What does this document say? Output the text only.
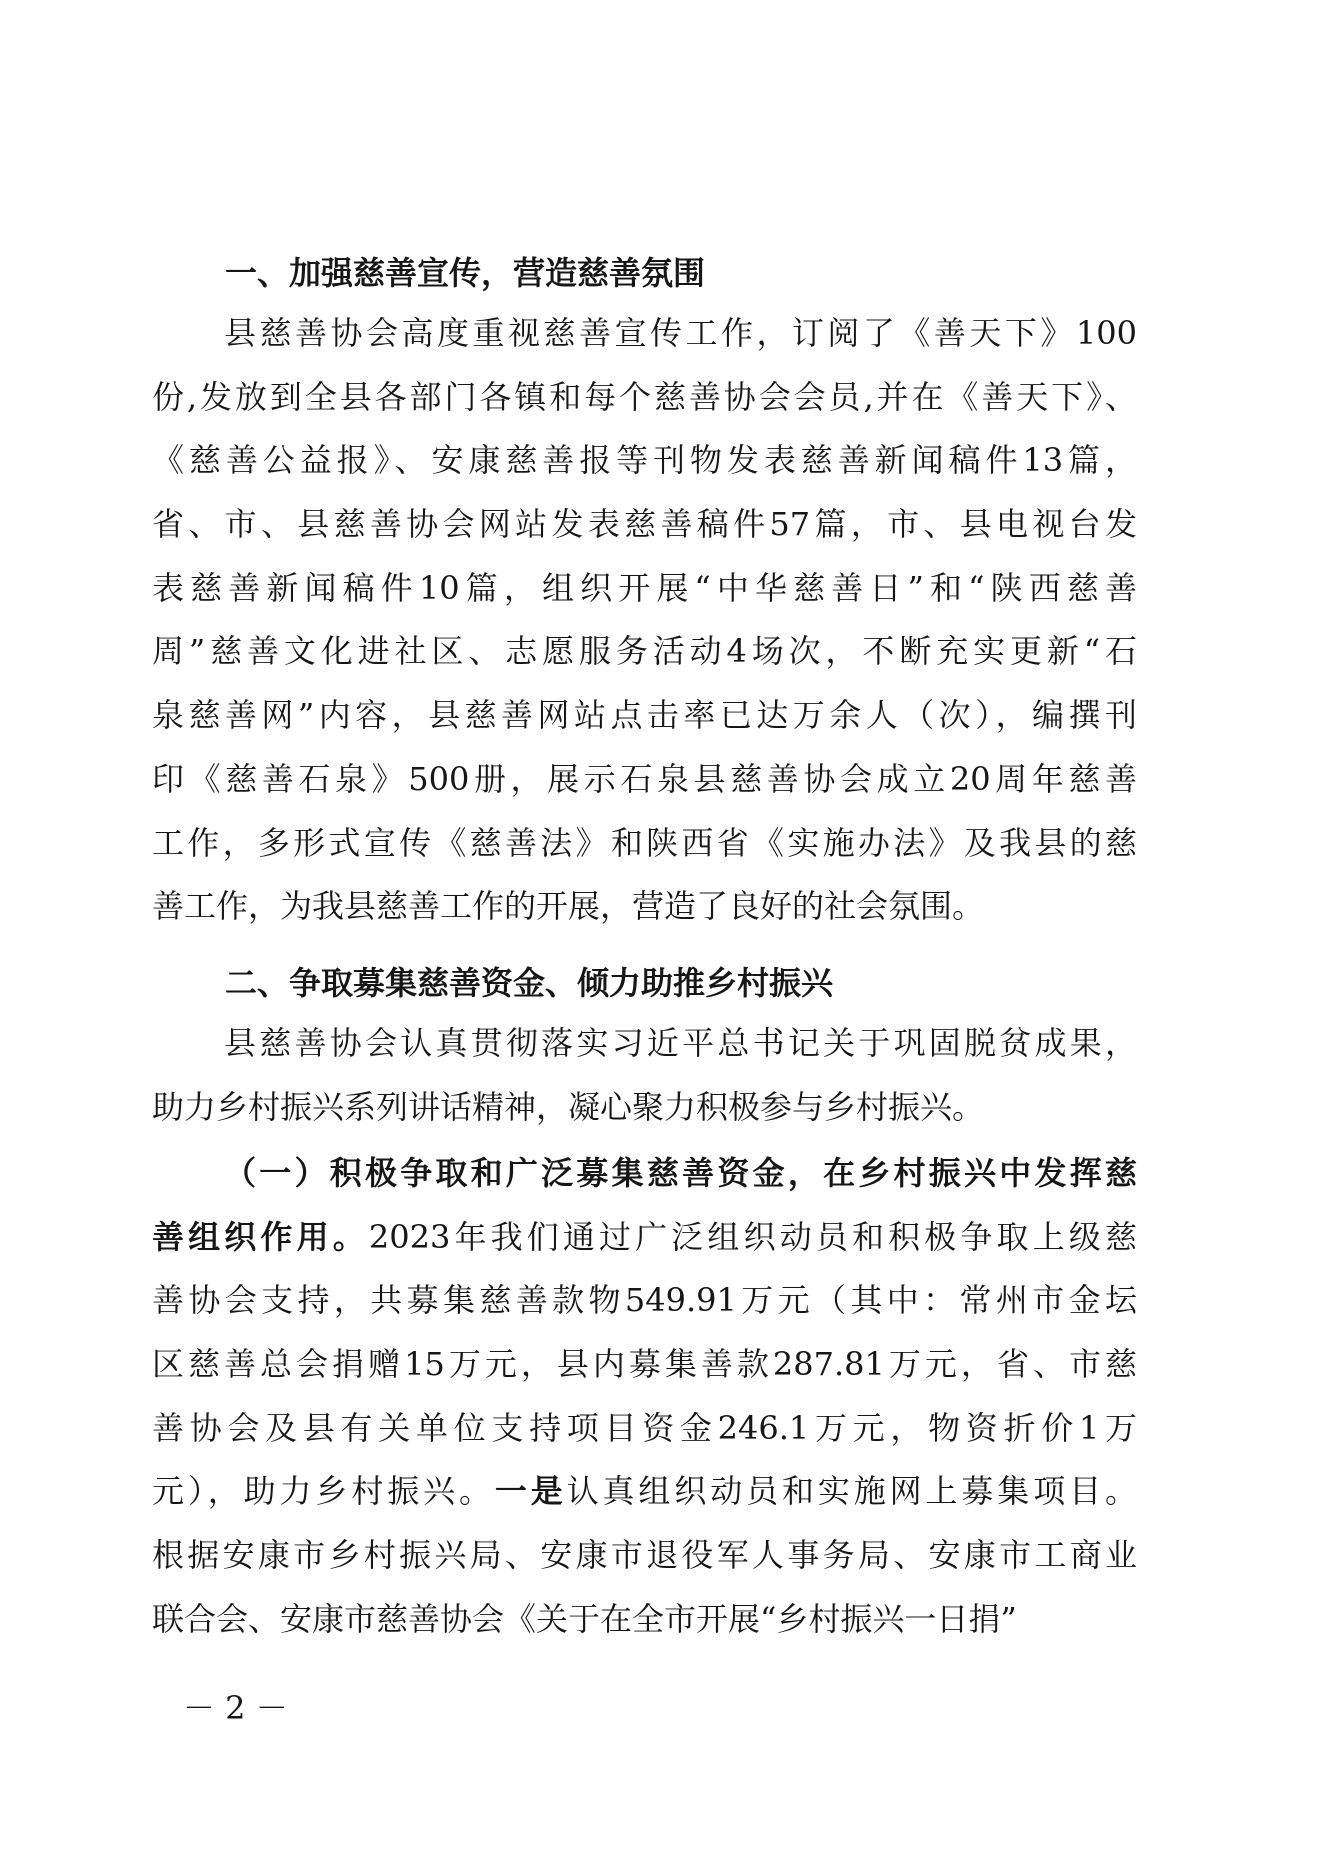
一、加强慈善宣传，营造慈善氛围

县慈善协会高度重视慈善宣传工作，订阅了《善天下》100
份,发放到全县各部门各镇和每个慈善协会会员,并在《善天下》、
《慈善公益报》、安康慈善报等刊物发表慈善新闻稿件13篇，
省、市、县慈善协会网站发表慈善稿件57篇，市、县电视台发
表慈善新闻稿件10篇，组织开展“中华慈善日”和“陕西慈善
周”慈善文化进社区、志愿服务活动4场次，不断充实更新“石
泉慈善网”内容，县慈善网站点击率已达万余人（次），编撰刊
印《慈善石泉》500册，展示石泉县慈善协会成立20周年慈善
工作，多形式宣传《慈善法》和陕西省《实施办法》及我县的慈
善工作，为我县慈善工作的开展，营造了良好的社会氛围。

二、争取募集慈善资金、倾力助推乡村振兴

县慈善协会认真贯彻落实习近平总书记关于巩固脱贫成果，
助力乡村振兴系列讲话精神，凝心聚力积极参与乡村振兴。

（一）积极争取和广泛募集慈善资金，在乡村振兴中发挥慈
善组织作用。2023年我们通过广泛组织动员和积极争取上级慈
善协会支持，共募集慈善款物549.91万元（其中：常州市金坛
区慈善总会捐赠15万元，县内募集善款287.81万元，省、市慈
善协会及县有关单位支持项目资金246.1万元，物资折价1万
元），助力乡村振兴。一是认真组织动员和实施网上募集项目。
根据安康市乡村振兴局、安康市退役军人事务局、安康市工商业
联合会、安康市慈善协会《关于在全市开展“乡村振兴一日捐”

－ 2 －
